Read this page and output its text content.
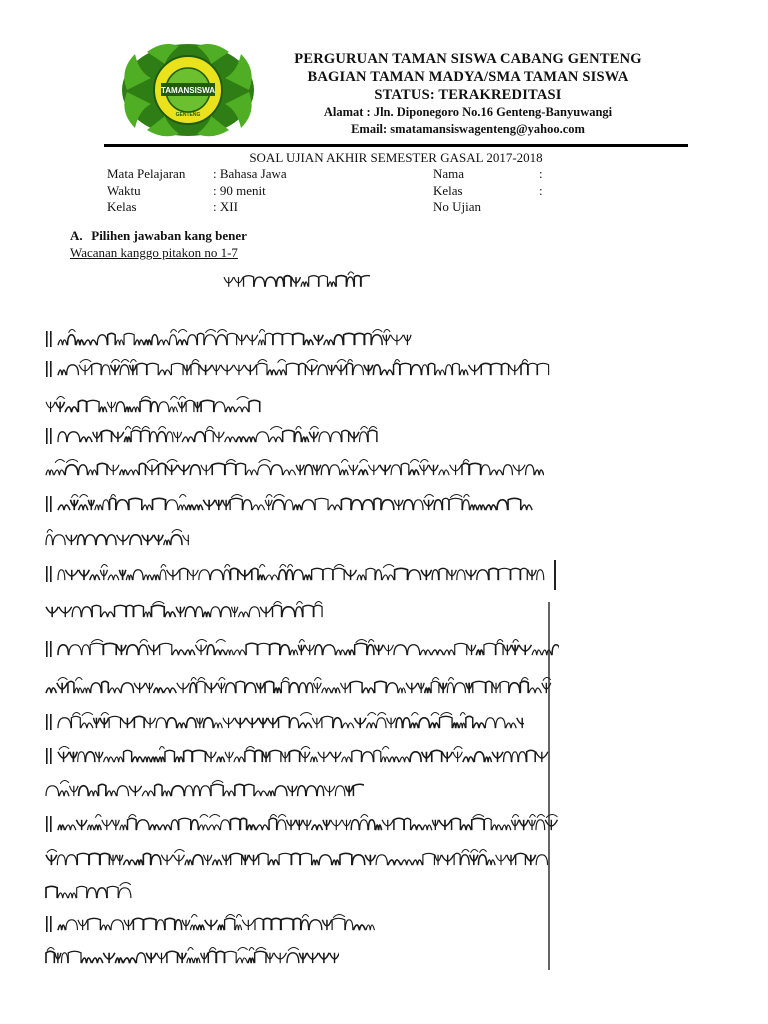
TAMANSISWA
GENTENG
PERGURUAN TAMAN SISWA CABANG GENTENG
BAGIAN TAMAN MADYA/SMA TAMAN SISWA
STATUS: TERAKREDITASI
Alamat : Jln. Diponegoro No.16 Genteng-Banyuwangi
Email: smatamansiswagenteng@yahoo.com
SOAL UJIAN AKHIR SEMESTER GASAL 2017-2018
Mata Pelajaran	: Bahasa Jawa
Waktu	: 90 menit
Kelas	: XII
Nama	:
Kelas	:
No Ujian
A. Pilihen jawaban kang bener
Wacanan kanggo pitakon no 1-7
